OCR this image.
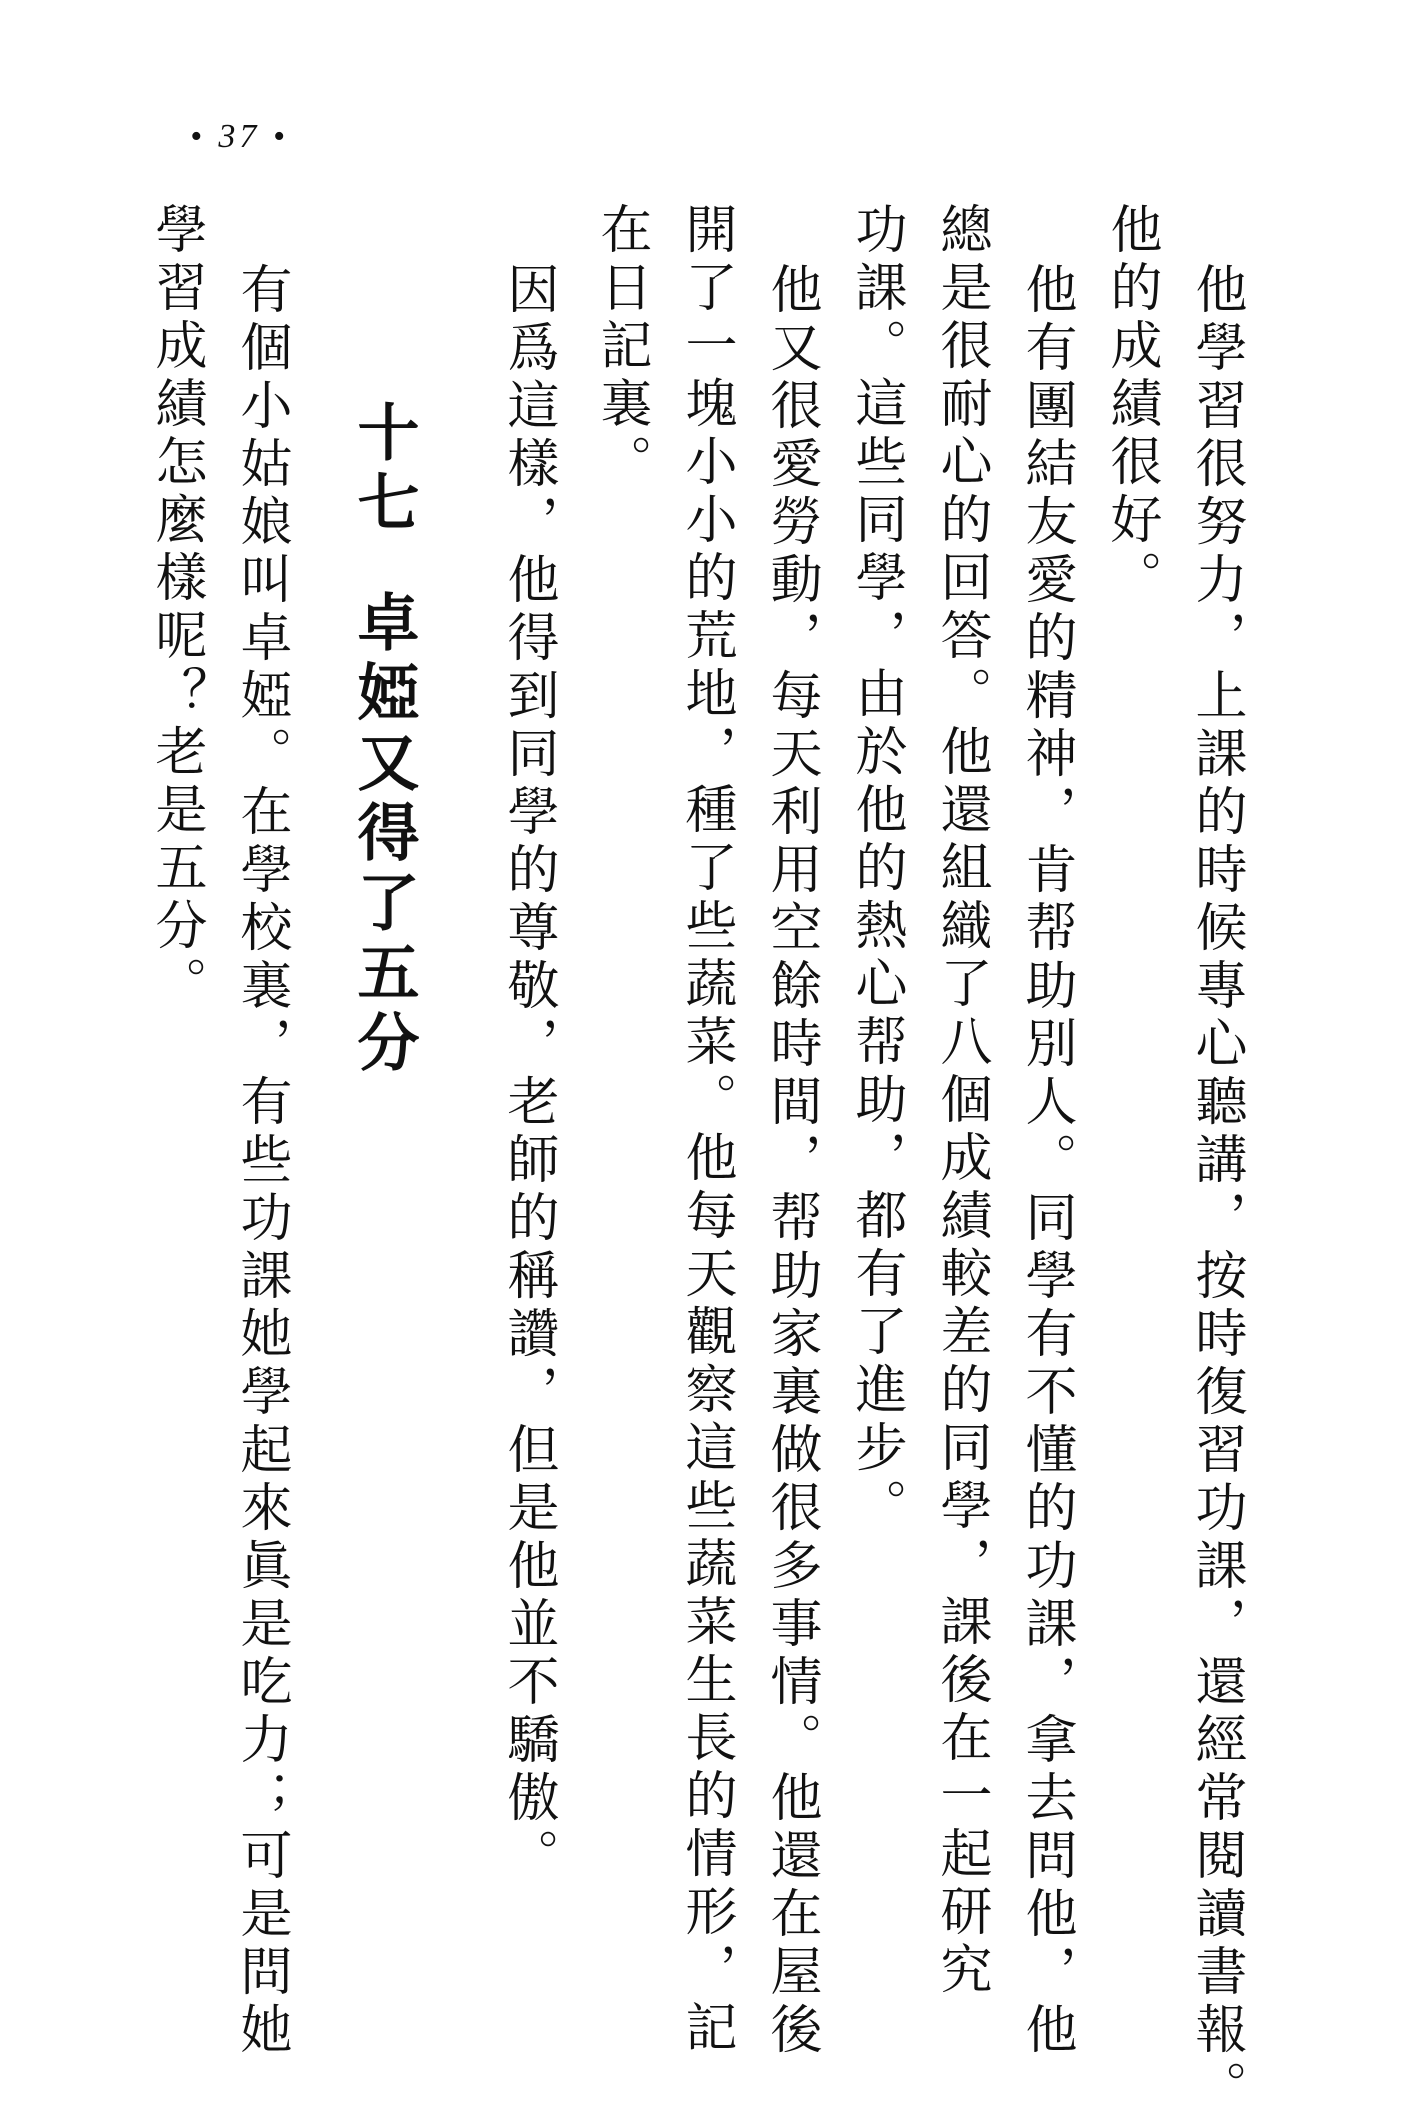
• 37 •
他學習很努力，上課的時候專心聽講，按時復習功課，還經常閱讀書報。
他的成績很好。
他有團結友愛的精神，肯帮助別人。同學有不懂的功課，拿去問他，他
總是很耐心的回答。他還組織了八個成績較差的同學，課後在一起研究
功課。這些同學，由於他的熱心帮助，都有了進步。
他又很愛勞動，每天利用空餘時間，帮助家裏做很多事情。他還在屋後
開了一塊小小的荒地，種了些蔬菜。他每天觀察這些蔬菜生長的情形，記
在日記裏。
因爲這樣，他得到同學的尊敬，老師的稱讚，但是他並不驕傲。
十七
卓婭又得了五分
有個小姑娘叫卓婭。在學校裏，有些功課她學起來眞是吃力；可是問她
學習成績怎麼樣呢？老是五分。
